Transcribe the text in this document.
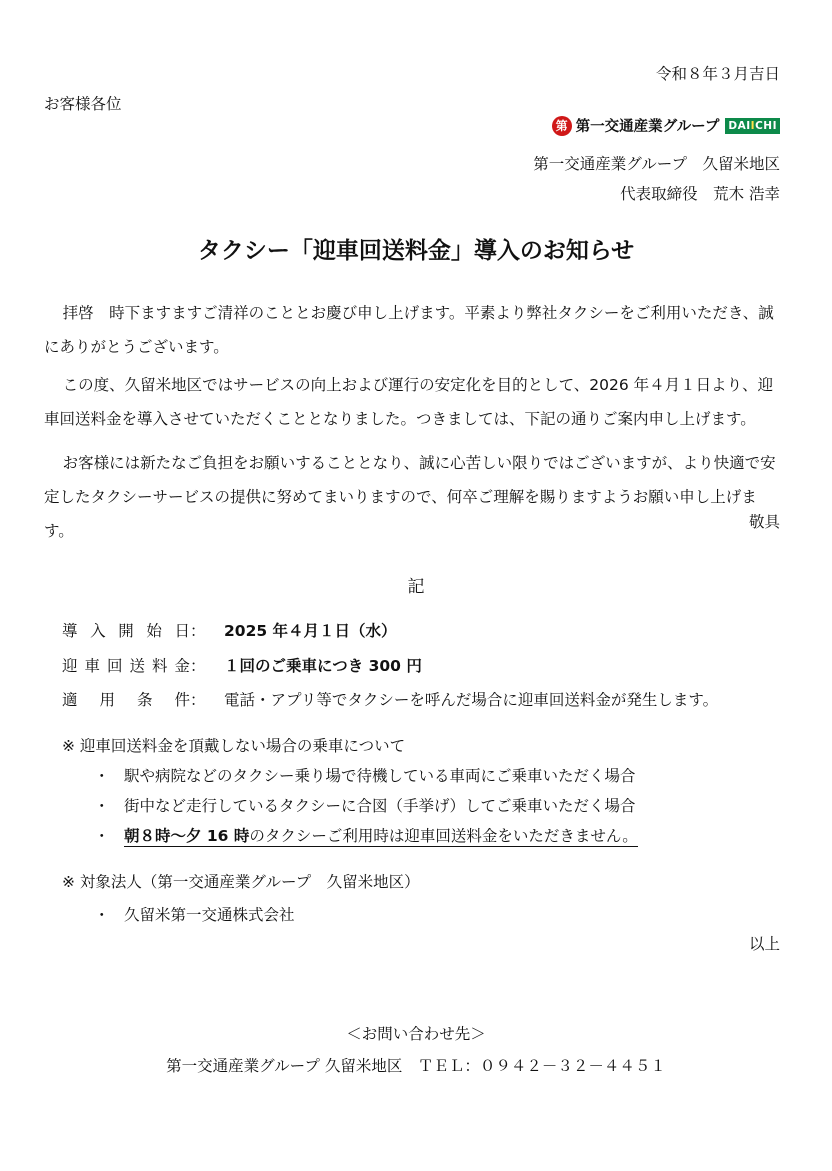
令和８年３月吉日
お客様各位
第 第一交通産業グループ DAIICHI
第一交通産業グループ　久留米地区
代表取締役　荒木 浩幸
タクシー「迎車回送料金」導入のお知らせ
拝啓　時下ますますご清祥のこととお慶び申し上げます。平素より弊社タクシーをご利用いただき、誠にありがとうございます。
この度、久留米地区ではサービスの向上および運行の安定化を目的として、2026 年４月１日より、迎車回送料金を導入させていただくこととなりました。つきましては、下記の通りご案内申し上げます。
お客様には新たなご負担をお願いすることとなり、誠に心苦しい限りではございますが、より快適で安定したタクシーサービスの提供に努めてまいりますので、何卒ご理解を賜りますようお願い申し上げます。	敬具
記
導 入 開 始 日 ： 2025 年４月１日（水）
迎 車 回 送 料 金 ： １回のご乗車につき 300 円
適 用 条 件 ： 電話・アプリ等でタクシーを呼んだ場合に迎車回送料金が発生します。
※ 迎車回送料金を頂戴しない場合の乗車について
・ 駅や病院などのタクシー乗り場で待機している車両にご乗車いただく場合
・ 街中など走行しているタクシーに合図（手挙げ）してご乗車いただく場合
・ 朝８時〜夕 16 時のタクシーご利用時は迎車回送料金をいただきません。
※ 対象法人（第一交通産業グループ　久留米地区）
・ 久留米第一交通株式会社
以上
＜お問い合わせ先＞
第一交通産業グループ 久留米地区　ＴＥＬ：０９４２－３２－４４５１
